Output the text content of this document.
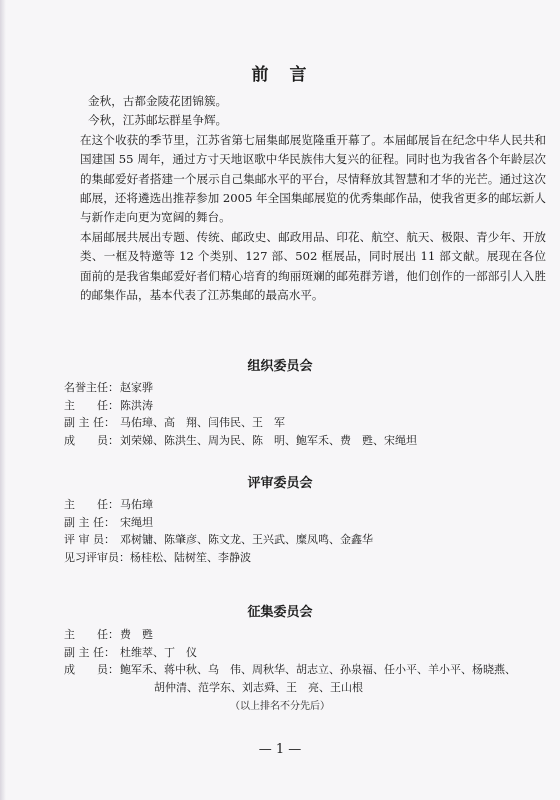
前　言

金秋，古都金陵花团锦簇。

今秋，江苏邮坛群星争辉。

在这个收获的季节里，江苏省第七届集邮展览隆重开幕了。本届邮展旨在纪念中华人民共和国建国 55 周年，通过方寸天地讴歌中华民族伟大复兴的征程。同时也为我省各个年龄层次的集邮爱好者搭建一个展示自己集邮水平的平台，尽情释放其智慧和才华的光芒。通过这次邮展，还将遴选出推荐参加 2005 年全国集邮展览的优秀集邮作品，使我省更多的邮坛新人与新作走向更为宽阔的舞台。

本届邮展共展出专题、传统、邮政史、邮政用品、印花、航空、航天、极限、青少年、开放类、一框及特邀等 12 个类别、127 部、502 框展品，同时展出 11 部文献。展现在各位面前的是我省集邮爱好者们精心培育的绚丽斑斓的邮苑群芳谱，他们创作的一部部引人入胜的邮集作品，基本代表了江苏集邮的最高水平。

组织委员会
名誉主任： 赵家骅
主　　任： 陈洪涛
副 主 任： 马佑璋、高　翔、闫伟民、王　军
成　　员： 刘荣娣、陈洪生、周为民、陈　明、鲍军禾、费　甦、宋绳坦
评审委员会
主　　任： 马佑璋
副 主 任： 宋绳坦
评 审 员： 邓树镛、陈肇彦、陈文龙、王兴武、糜凤鸣、金鑫华
见习评审员： 杨桂松、陆树笙、李静波
征集委员会
主　　任： 费　甦
副 主 任： 杜维萃、丁　仪
成　　员： 鲍军禾、蒋中秋、乌　伟、周秋华、胡志立、孙泉福、任小平、羊小平、杨晓燕、
胡仲清、范学东、刘志舜、王　亮、王山根
（以上排名不分先后）
— 1 —
